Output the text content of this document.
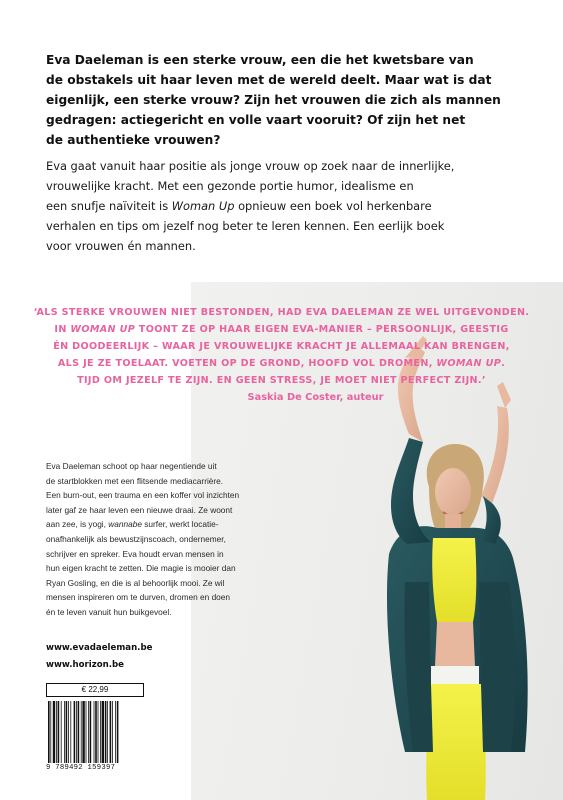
Eva Daeleman is een sterke vrouw, een die het kwetsbare van

de obstakels uit haar leven met de wereld deelt. Maar wat is dat

eigenlijk, een sterke vrouw? Zijn het vrouwen die zich als mannen

gedragen: actiegericht en volle vaart vooruit? Of zijn het net

de authentieke vrouwen?

Eva gaat vanuit haar positie als jonge vrouw op zoek naar de innerlijke,

vrouwelijke kracht. Met een gezonde portie humor, idealisme en

een snufje naïviteit is Woman Up opnieuw een boek vol herkenbare

verhalen en tips om jezelf nog beter te leren kennen. Een eerlijk boek

voor vrouwen én mannen.

‘ALS STERKE VROUWEN NIET BESTONDEN, HAD EVA DAELEMAN ZE WEL UITGEVONDEN.

IN WOMAN UP TOONT ZE OP HAAR EIGEN EVA-MANIER – PERSOONLIJK, GEESTIG

ÉN DOODEERLIJK – WAAR JE VROUWELIJKE KRACHT JE ALLEMAAL KAN BRENGEN,

ALS JE ZE TOELAAT. VOETEN OP DE GROND, HOOFD VOL DROMEN, WOMAN UP.

TIJD OM JEZELF TE ZIJN. EN GEEN STRESS, JE MOET NIET PERFECT ZIJN.’

Saskia De Coster, auteur

Eva Daeleman schoot op haar negentiende uit

de startblokken met een flitsende mediacarrière.

Een burn-out, een trauma en een koffer vol inzichten

later gaf ze haar leven een nieuwe draai. Ze woont

aan zee, is yogi, wannabe surfer, werkt locatie-

onafhankelijk als bewustzijnscoach, ondernemer,

schrijver en spreker. Eva houdt ervan mensen in

hun eigen kracht te zetten. Die magie is mooier dan

Ryan Gosling, en die is al behoorlijk mooi. Ze wil

mensen inspireren om te durven, dromen en doen

én te leven vanuit hun buikgevoel.

www.evadaeleman.be
www.horizon.be
€ 22,99
9 789492 159397
